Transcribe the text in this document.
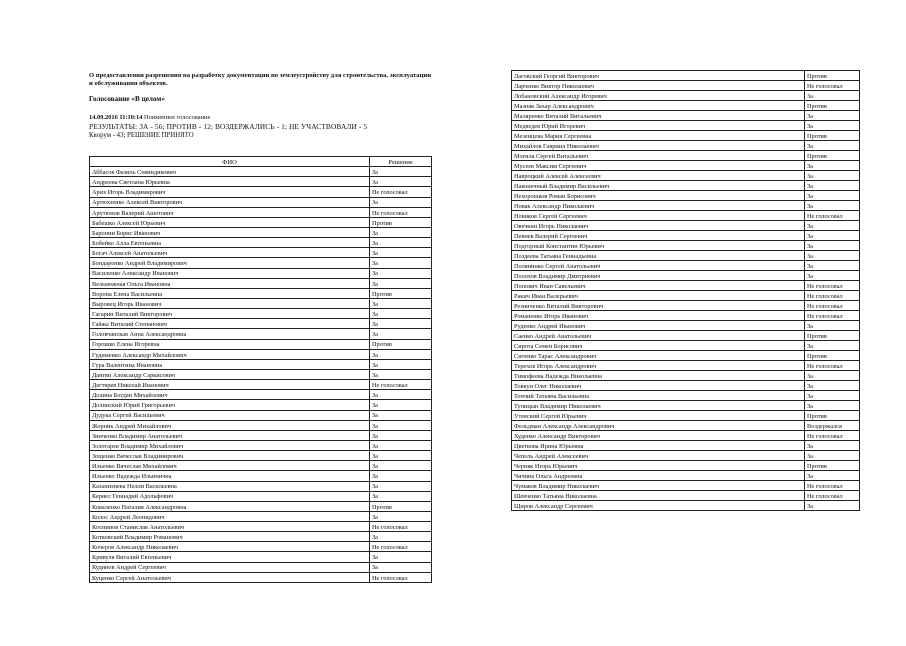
О предоставлении разрешения на разработку документации по землеустройству для строительства, эксплуатации и обслуживания объектов.

Голосование «В целом»

14.09.2016 11:10:14 Поименное голосование

РЕЗУЛЬТАТЫ: ЗА - 56; ПРОТИВ - 12; ВОЗДЕРЖАЛИСЬ - 1; НЕ УЧАСТВОВАЛИ - 5

Кворум - 43; РЕШЕНИЕ ПРИНЯТО

ФИО	Решение
Аббасов Фазиль Севиндикович	За
Андреева Светлана Юрьевна	За
Арих Игорь Владимирович	Не голосовал
Артюхзенко Алексей Викторович	За
Арутюнов Валерий Ашотович	Не голосовал
Бабешко Алексей Юрьевич	Против
Баронин Борис Иванович	За
Бобейко Алла Евгеньевна	За
Богач Алексей Анатольевич	За
Бондаренко Андрей Владимирович	За
Василенко Александр Иванович	За
Вельможная Ольга Ивановна	За
Ворона Елена Васильевна	Против
Выровец Игорь Иванович	За
Гагарин Виталий Викторович	За
Гайжа Виталий Степанович	За
Головчанская Анна Александровна	За
Горошко Елена Игоревна	Против
Гудименко Александр Михайлович	За
Гура Валентина Ивановна	За
Дангян Александр Саркисович	За
Дегтярев Николай Иванович	Не голосовал
Долина Богдан Михайлович	За
Долинский Юрий Григорьевич	За
Дудука Сергей Васильевич	За
Жорник Андрей Михайлович	За
Зинченко Владимир Анатольевич	За
Золотарев Владимир Михайлович	За
Зощенко Вячеслав Владимирович	За
Ильенко Вячеслав Михайлович	За
Ильенко Надежда Ильинична	За
Казаниэнева Нелли Васильевна	За
Кернес Геннадий Адольфович	За
Коваленко Наталия Александровна	Против
Колос Андрей Леонидович	За
Коснинов Станислав Анатольевич	Не голосовал
Котковский Владимир Романович	За
Кочеров Александр Николаевич	Не голосовал
Кривуля Виталий Евгеньевич	За
Кудинов Андрей Сергеевич	За
Куценко Сергей Анатольевич	Не голосовал
Лаговский Георгий Викторович	Против
Ларченко Виктор Николаевич	Не голосовал
Лобановский Александр Игоревич	За
Мазняк Захар Александрович	Против
Маляренко Виталий Витальевич	За
Медведев Юрий Игоревич	За
Мезенцева Мария Сергеевна	Против
Михайлов Гавриил Николаевич	За
Могила Сергей Витальевич	Против
Мусеев Максим Сергеевич	За
Навроцкий Алексей Алексеевич	За
Наконечный Владимир Васильевич	За
Нехорошков Роман Борисович	За
Новак Александр Николаевич	За
Новиков Сергей Сергеевич	Не голосовал
Овечкин Игорь Николаевич	За
Певнев Валерий Сергеевич	За
Подгорный Константин Юрьевич	За
Поздеева Татьяна Геннадьевна	За
Полянинко Сергей Анатольевич	За
Полохов Владимир Дмитриевич	За
Попович Иван Савельевич	Не голосовал
Ракич Иван Валерьевич	Не голосовал
Резниченко Виталий Викторович	Не голосовал
Романенко Игорь Иванович	Не голосовал
Руденко Андрей Иванович	За
Саенко Андрей Анатольевич	Против
Сирота Семен Борисович	За
Ситенко Тарас Александрович	Против
Терехов Игорь Александрович	Не голосовал
Тимофеева Надежда Николаевна	За
Товкун Олег Николаевич	За
Топчий Татьяна Васильевна	За
Тупицын Владимир Николаевич	За
Утевский Сергей Юрьевич	Против
Фельдман Александр Александрович	Воздержался
Худенко Александр Викторович	Не голосовал
Цветкова Ирина Юрьевна	За
Чепель Андрей Алексеевич	За
Черняк Игорь Юрьевич	Против
Чичина Ольга Андреевна	За
Чумаков Владимир Николаевич	Не голосовал
Шевченко Татьяна Николаевна	Не голосовал
Щиров Александр Сергеевич	За
